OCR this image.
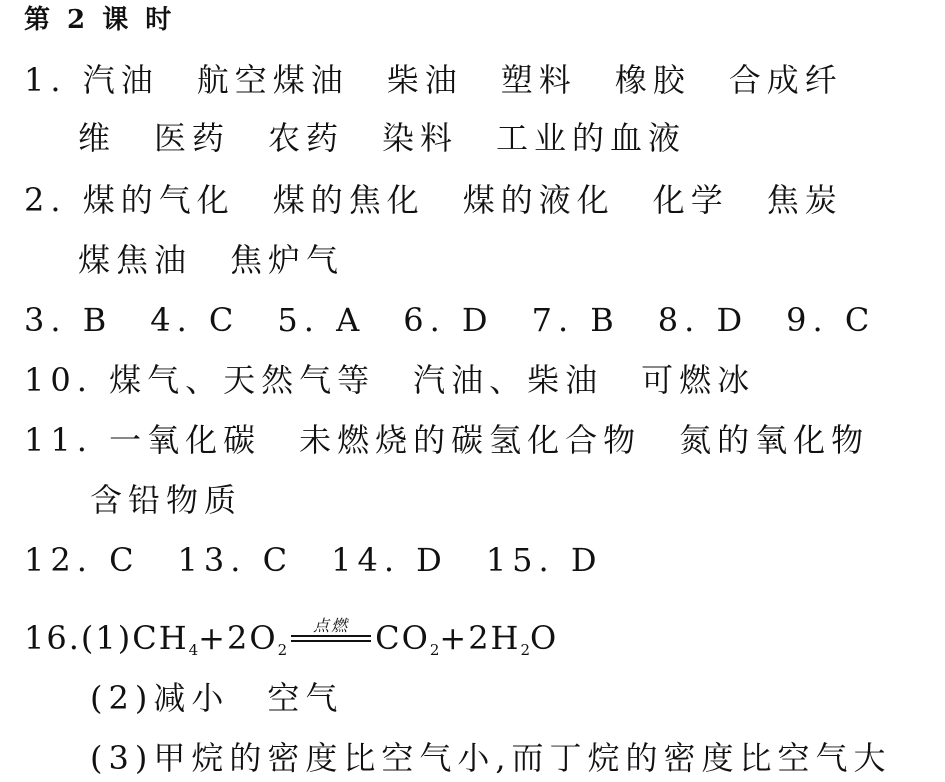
第 2 课 时
1. 汽油　航空煤油　柴油　塑料　橡胶　合成纤
维　医药　农药　染料　工业的血液
2. 煤的气化　煤的焦化　煤的液化　化学　焦炭
煤焦油　焦炉气
3. B　4. C　5. A　6. D　7. B　8. D　9. C
10. 煤气、天然气等　汽油、柴油　可燃冰
11. 一氧化碳　未燃烧的碳氢化合物　氮的氧化物
含铅物质
12. C　13. C　14. D　15. D
$16.(1)CH_4+2O_2$
点燃 $CO_2+2H_2O$
(2)减小　空气
(3)甲烷的密度比空气小,而丁烷的密度比空气大
